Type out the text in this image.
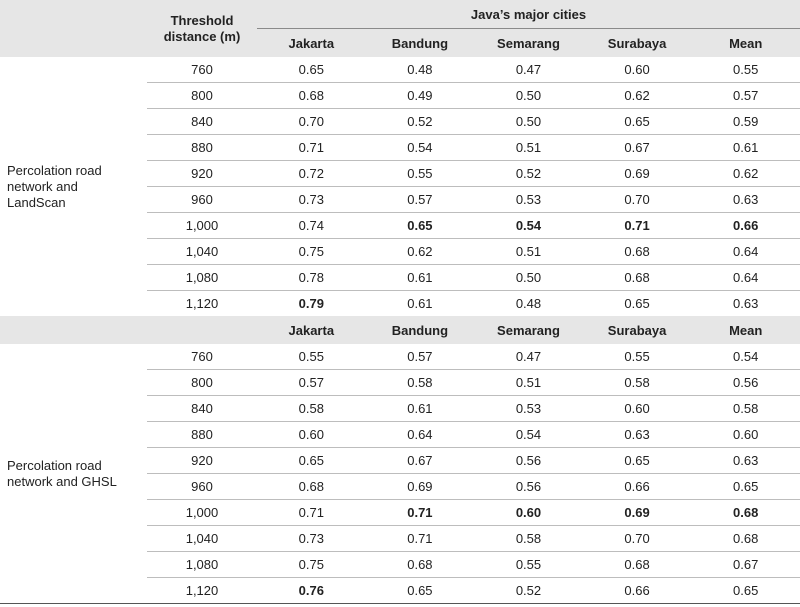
	Threshold
distance (m)	Java’s major cities				
		Jakarta	Bandung	Semarang	Surabaya	Mean
Percolation road
network and
LandScan	760	0.65	0.48	0.47	0.60	0.55
	800	0.68	0.49	0.50	0.62	0.57
	840	0.70	0.52	0.50	0.65	0.59
	880	0.71	0.54	0.51	0.67	0.61
	920	0.72	0.55	0.52	0.69	0.62
	960	0.73	0.57	0.53	0.70	0.63
	1,000	0.74	0.65	0.54	0.71	0.66
	1,040	0.75	0.62	0.51	0.68	0.64
	1,080	0.78	0.61	0.50	0.68	0.64
	1,120	0.79	0.61	0.48	0.65	0.63
		Jakarta	Bandung	Semarang	Surabaya	Mean
Percolation road
network and GHSL	760	0.55	0.57	0.47	0.55	0.54
	800	0.57	0.58	0.51	0.58	0.56
	840	0.58	0.61	0.53	0.60	0.58
	880	0.60	0.64	0.54	0.63	0.60
	920	0.65	0.67	0.56	0.65	0.63
	960	0.68	0.69	0.56	0.66	0.65
	1,000	0.71	0.71	0.60	0.69	0.68
	1,040	0.73	0.71	0.58	0.70	0.68
	1,080	0.75	0.68	0.55	0.68	0.67
	1,120	0.76	0.65	0.52	0.66	0.65
